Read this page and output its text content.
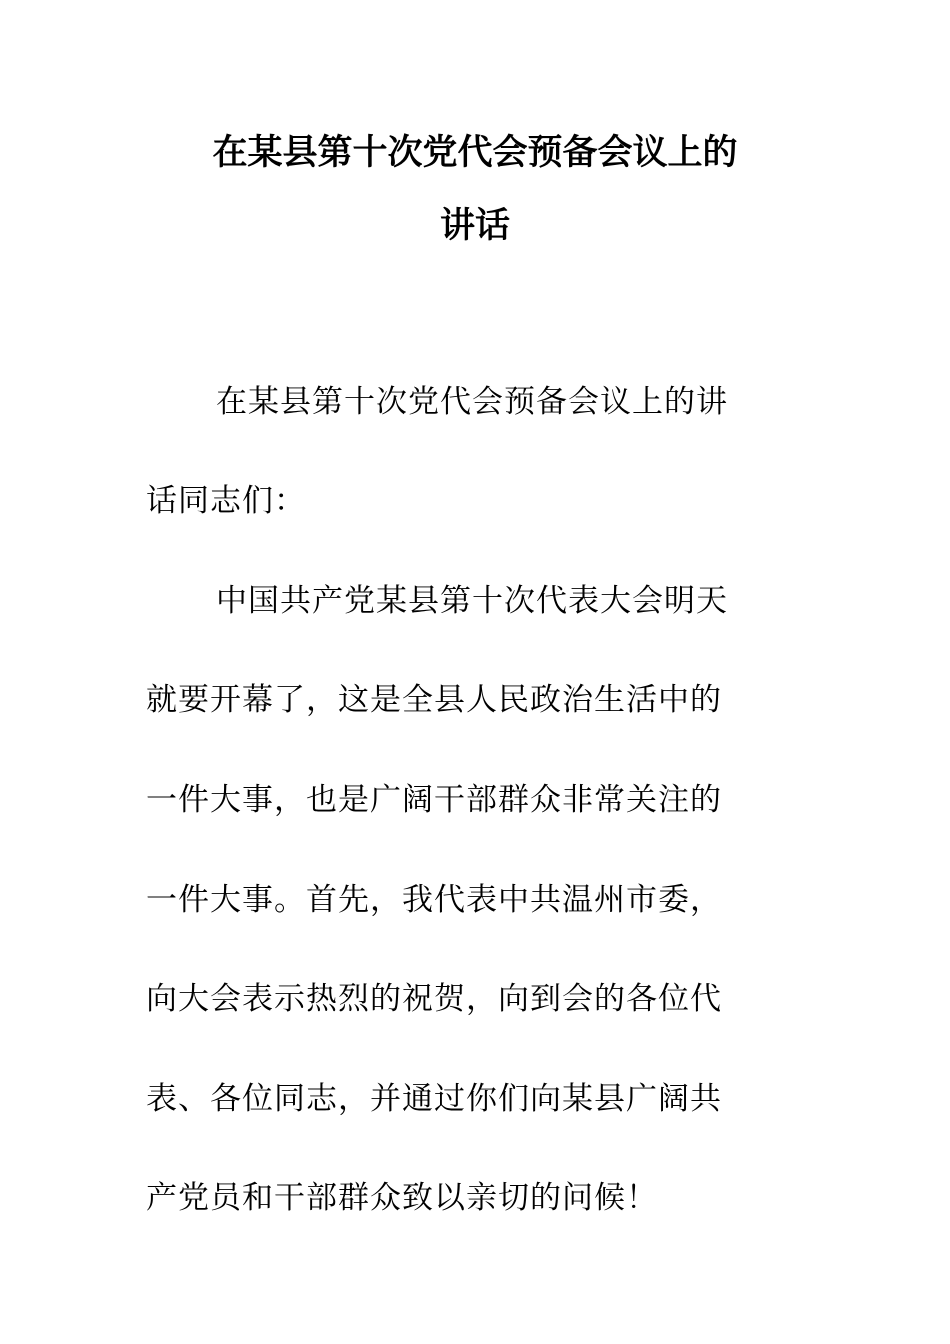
在某县第十次党代会预备会议上的
讲话
在某县第十次党代会预备会议上的讲
话同志们：
中国共产党某县第十次代表大会明天
就要开幕了，这是全县人民政治生活中的
一件大事，也是广阔干部群众非常关注的
一件大事。首先，我代表中共温州市委，
向大会表示热烈的祝贺，向到会的各位代
表、各位同志，并通过你们向某县广阔共
产党员和干部群众致以亲切的问候！
